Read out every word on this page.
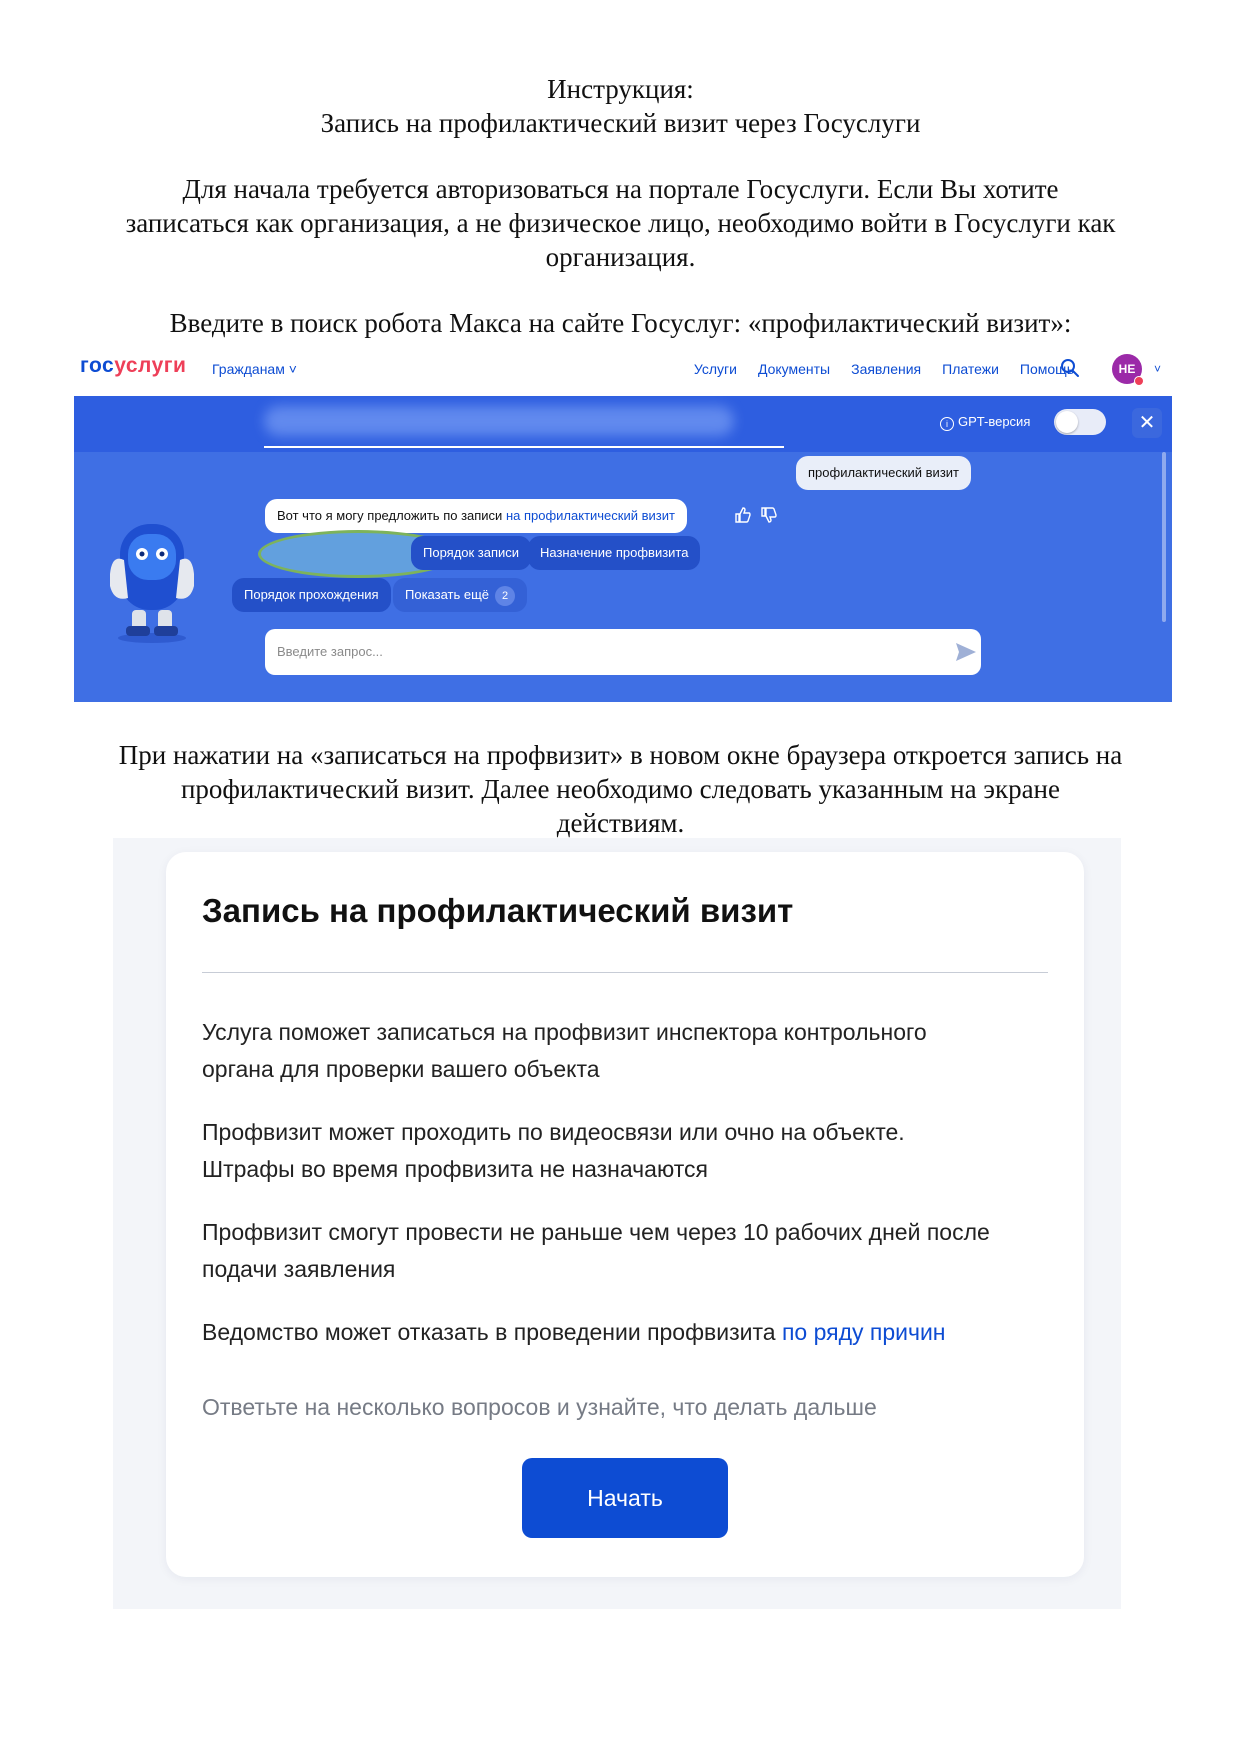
Инструкция:

Запись на профилактический визит через Госуслуги

Для начала требуется авторизоваться на портале Госуслуги. Если Вы хотите

записаться как организация, а не физическое лицо, необходимо войти в Госуслуги как

организация.

Введите в поиск робота Макса на сайте Госуслуг: «профилактический визит»:

госуслуги Гражданам ˅	Услуги Документы Заявления Платежи Помощь	НЕ	˅
i GPT-версия	✕
профилактический визит
Вот что я могу предложить по записи на профилактический визит
Порядок записи	Назначение профвизита
Порядок прохождения	Показать ещё 2
Введите запрос...

При нажатии на «записаться на профвизит» в новом окне браузера откроется запись на

профилактический визит. Далее необходимо следовать указанным на экране

действиям.

Запись на профилактический визит

Услуга поможет записаться на профвизит инспектора контрольного
органа для проверки вашего объекта

Профвизит может проходить по видеосвязи или очно на объекте.
Штрафы во время профвизита не назначаются

Профвизит смогут провести не раньше чем через 10 рабочих дней после
подачи заявления

Ведомство может отказать в проведении профвизита по ряду причин

Ответьте на несколько вопросов и узнайте, что делать дальше

Начать
